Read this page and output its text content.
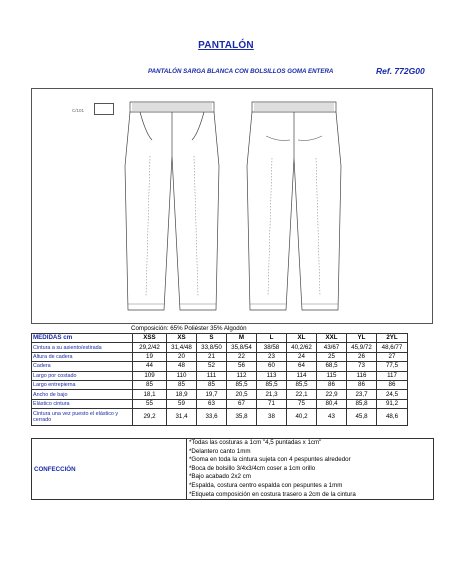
PANTALÓN
PANTALÓN SARGA BLANCA CON BOLSILLOS GOMA ENTERA	Ref. 772G00
C/101
Composición: 65% Poliéster 35% Algodón
MEDIDAS cm	XSS	XS	S	M	L	XL	XXL	YL	2YL
Cintura a su asiento/estirada	29,2/42	31,4/48	33,8/50	35,8/54	38/58	40,2/62	43/67	45,9/72	48,6/77
Altura de cadera	19	20	21	22	23	24	25	26	27
Cadera	44	48	52	56	60	64	68,5	73	77,5
Largo por costado	109	110	111	112	113	114	115	116	117
Largo entrepierna	85	85	85	85,5	85,5	85,5	86	86	86
Ancho de bajo	18,1	18,9	19,7	20,5	21,3	22,1	22,9	23,7	24,5
Elástico cintura	55	59	63	67	71	75	80,4	85,8	91,2
Cintura una vez puesto el elástico y cerrado	29,2	31,4	33,6	35,8	38	40,2	43	45,8	48,6
CONFECCIÓN	
*Todas las costuras a 1cm "4,5 puntadas x 1cm"
*Delantero canto 1mm
*Goma en toda la cintura sujeta con 4 pespuntes alrededor
*Boca de bolsillo 3/4x3/4cm coser a 1cm orillo
*Bajo acabado 2x2 cm
*Espalda, costura centro espalda con pespuntes a 1mm
*Etiqueta composición en costura trasero a 2cm de la cintura
